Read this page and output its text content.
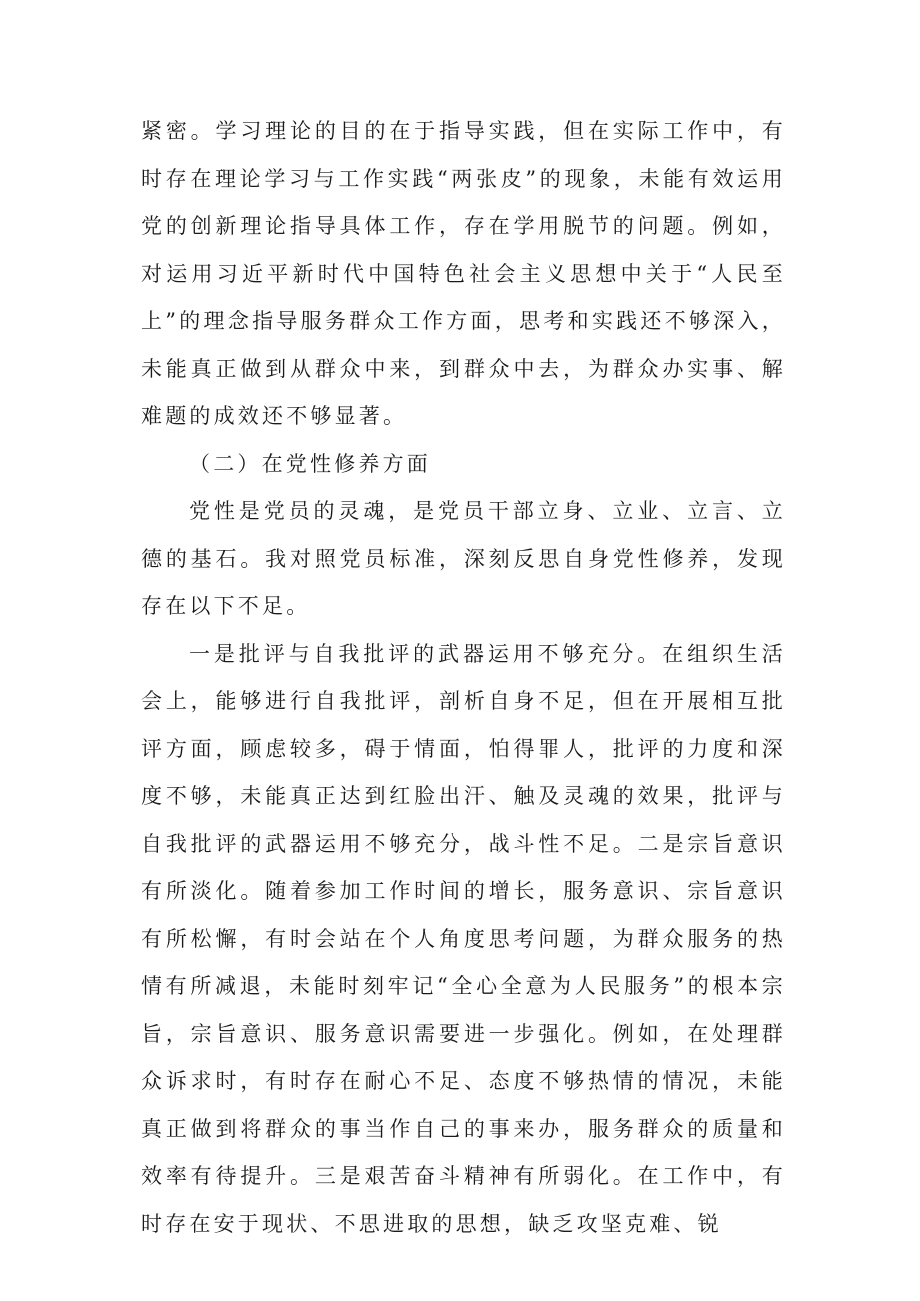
紧密。学习理论的目的在于指导实践，但在实际工作中，有时存在理论学习与工作实践“两张皮”的现象，未能有效运用党的创新理论指导具体工作，存在学用脱节的问题。例如，对运用习近平新时代中国特色社会主义思想中关于“人民至上”的理念指导服务群众工作方面，思考和实践还不够深入，未能真正做到从群众中来，到群众中去，为群众办实事、解难题的成效还不够显著。

（二）在党性修养方面

党性是党员的灵魂，是党员干部立身、立业、立言、立德的基石。我对照党员标准，深刻反思自身党性修养，发现存在以下不足。

一是批评与自我批评的武器运用不够充分。在组织生活会上，能够进行自我批评，剖析自身不足，但在开展相互批评方面，顾虑较多，碍于情面，怕得罪人，批评的力度和深度不够，未能真正达到红脸出汗、触及灵魂的效果，批评与自我批评的武器运用不够充分，战斗性不足。二是宗旨意识有所淡化。随着参加工作时间的增长，服务意识、宗旨意识有所松懈，有时会站在个人角度思考问题，为群众服务的热情有所减退，未能时刻牢记“全心全意为人民服务”的根本宗旨，宗旨意识、服务意识需要进一步强化。例如，在处理群众诉求时，有时存在耐心不足、态度不够热情的情况，未能真正做到将群众的事当作自己的事来办，服务群众的质量和效率有待提升。三是艰苦奋斗精神有所弱化。在工作中，有时存在安于现状、不思进取的思想，缺乏攻坚克难、锐
